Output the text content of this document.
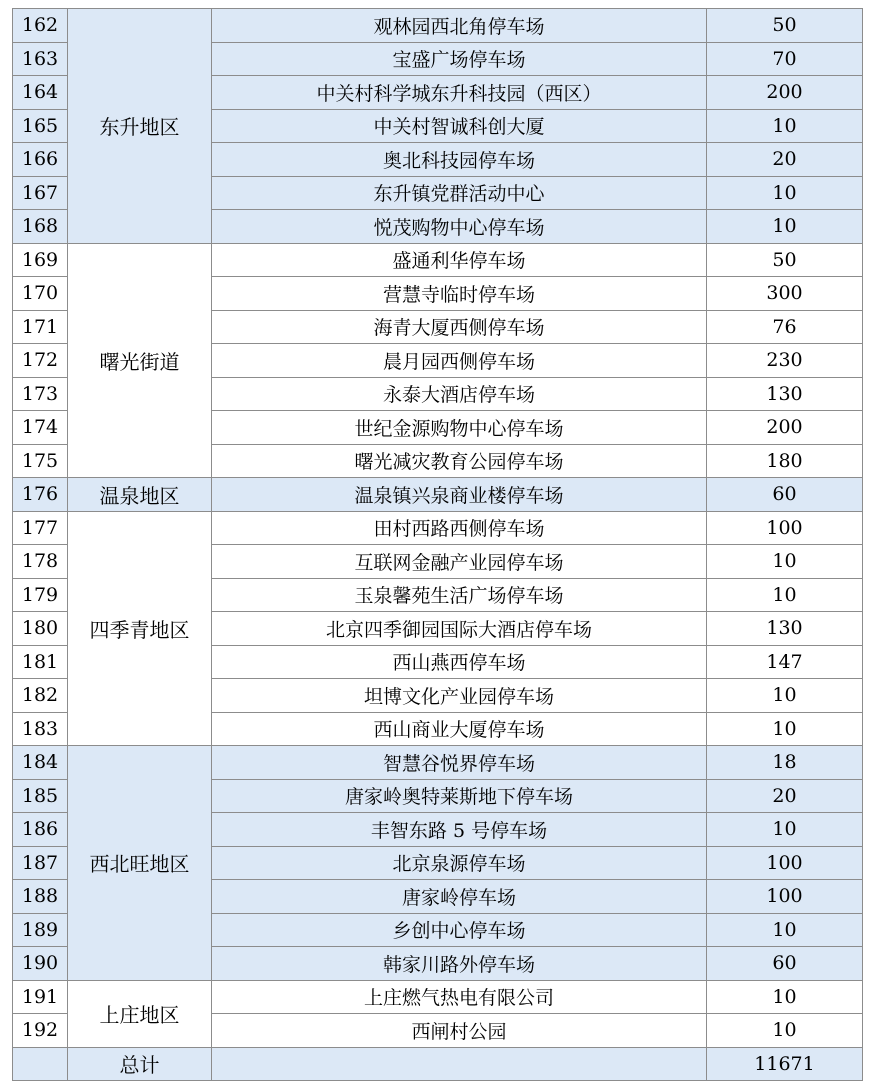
162	东升地区	观林园西北角停车场	50
163		宝盛广场停车场	70
164		中关村科学城东升科技园（西区）	200
165		中关村智诚科创大厦	10
166		奥北科技园停车场	20
167		东升镇党群活动中心	10
168		悦茂购物中心停车场	10
169	曙光街道	盛通利华停车场	50
170		营慧寺临时停车场	300
171		海青大厦西侧停车场	76
172		晨月园西侧停车场	230
173		永泰大酒店停车场	130
174		世纪金源购物中心停车场	200
175		曙光减灾教育公园停车场	180
176	温泉地区	温泉镇兴泉商业楼停车场	60
177	四季青地区	田村西路西侧停车场	100
178		互联网金融产业园停车场	10
179		玉泉馨苑生活广场停车场	10
180		北京四季御园国际大酒店停车场	130
181		西山燕西停车场	147
182		坦博文化产业园停车场	10
183		西山商业大厦停车场	10
184	西北旺地区	智慧谷悦界停车场	18
185		唐家岭奥特莱斯地下停车场	20
186		丰智东路 5 号停车场	10
187		北京泉源停车场	100
188		唐家岭停车场	100
189		乡创中心停车场	10
190		韩家川路外停车场	60
191	上庄地区	上庄燃气热电有限公司	10
192		西闸村公园	10
	总计		11671
